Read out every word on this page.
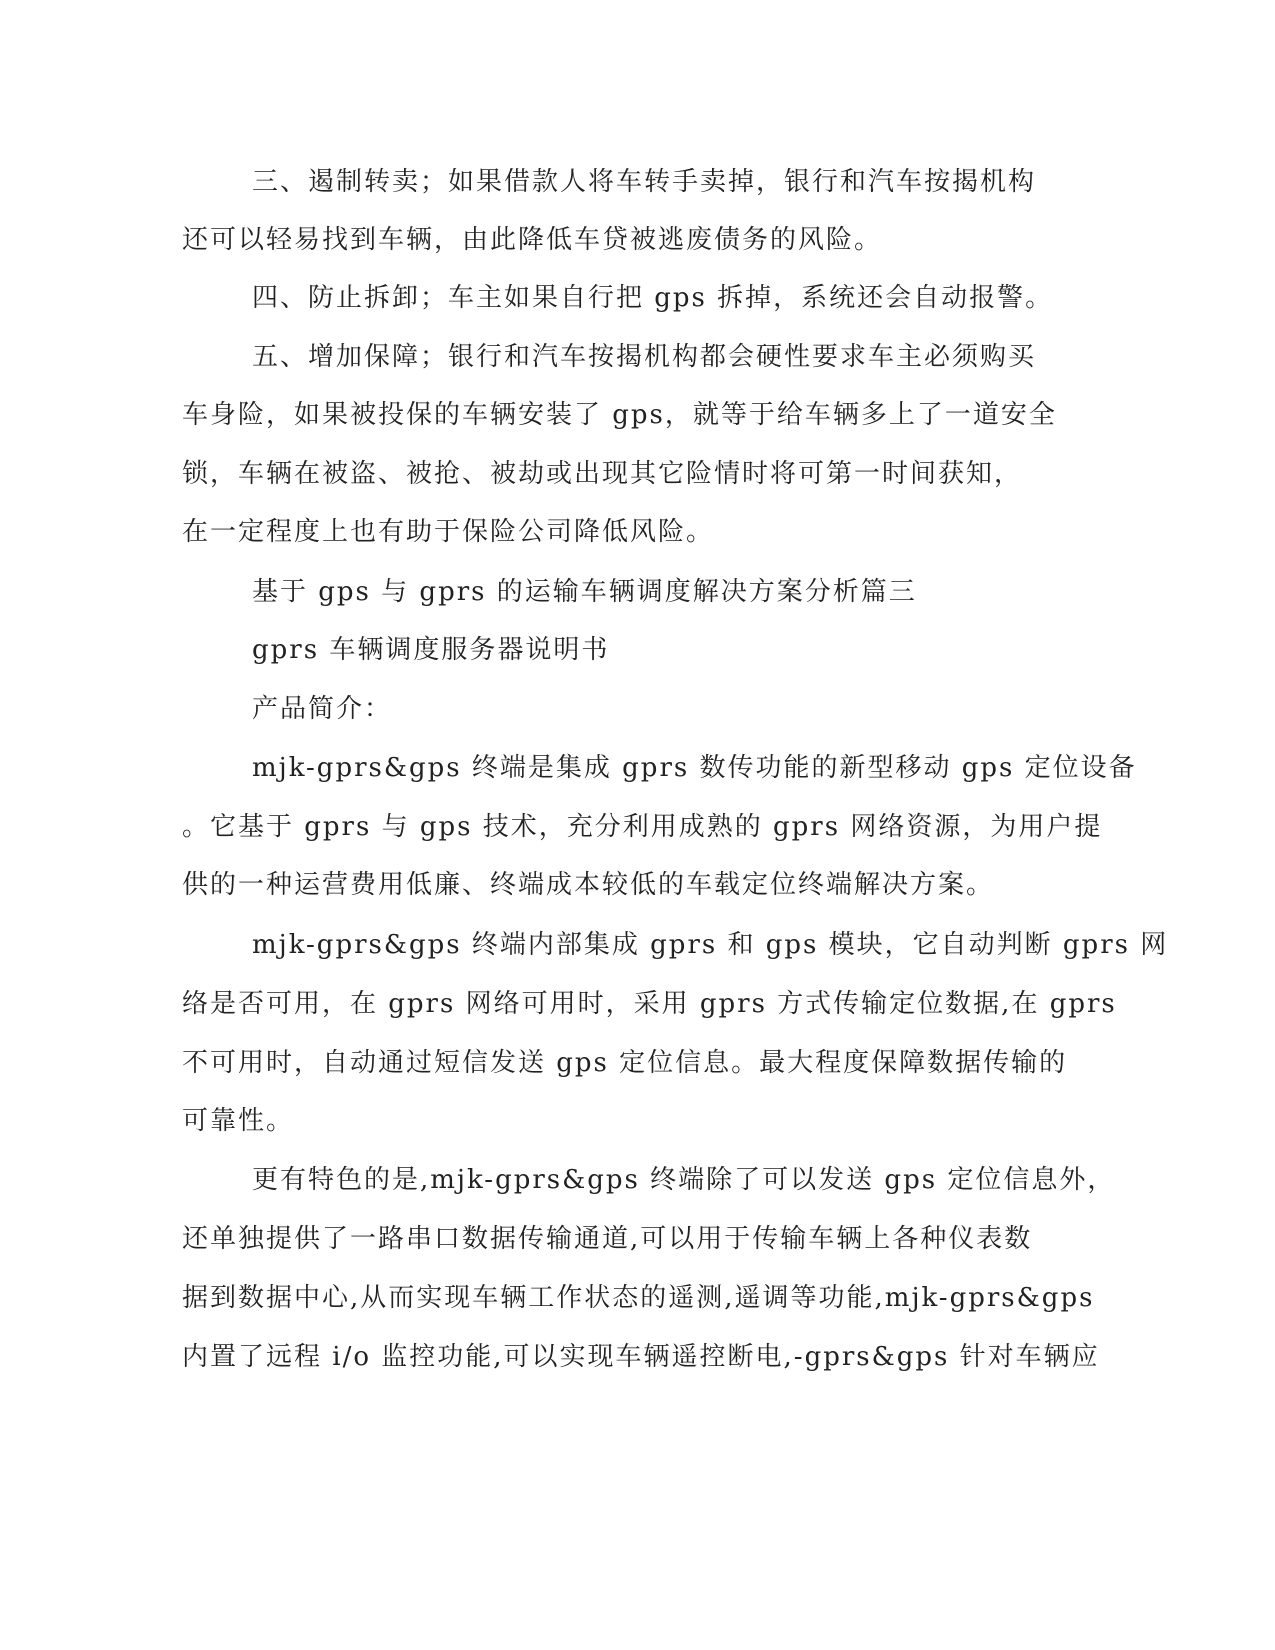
三、遏制转卖；如果借款人将车转手卖掉，银行和汽车按揭机构
还可以轻易找到车辆，由此降低车贷被逃废债务的风险。
四、防止拆卸；车主如果自行把 gps 拆掉，系统还会自动报警。
五、增加保障；银行和汽车按揭机构都会硬性要求车主必须购买
车身险，如果被投保的车辆安装了 gps，就等于给车辆多上了一道安全
锁，车辆在被盗、被抢、被劫或出现其它险情时将可第一时间获知，
在一定程度上也有助于保险公司降低风险。
基于 gps 与 gprs 的运输车辆调度解决方案分析篇三
gprs 车辆调度服务器说明书
产品简介：
mjk-gprs&gps 终端是集成 gprs 数传功能的新型移动 gps 定位设备
。它基于 gprs 与 gps 技术，充分利用成熟的 gprs 网络资源，为用户提
供的一种运营费用低廉、终端成本较低的车载定位终端解决方案。
mjk-gprs&gps 终端内部集成 gprs 和 gps 模块，它自动判断 gprs 网
络是否可用，在 gprs 网络可用时，采用 gprs 方式传输定位数据,在 gprs
不可用时，自动通过短信发送 gps 定位信息。最大程度保障数据传输的
可靠性。
更有特色的是,mjk-gprs&gps 终端除了可以发送 gps 定位信息外，
还单独提供了一路串口数据传输通道,可以用于传输车辆上各种仪表数
据到数据中心,从而实现车辆工作状态的遥测,遥调等功能,mjk-gprs&gps
内置了远程 i/o 监控功能,可以实现车辆遥控断电,-gprs&gps 针对车辆应
